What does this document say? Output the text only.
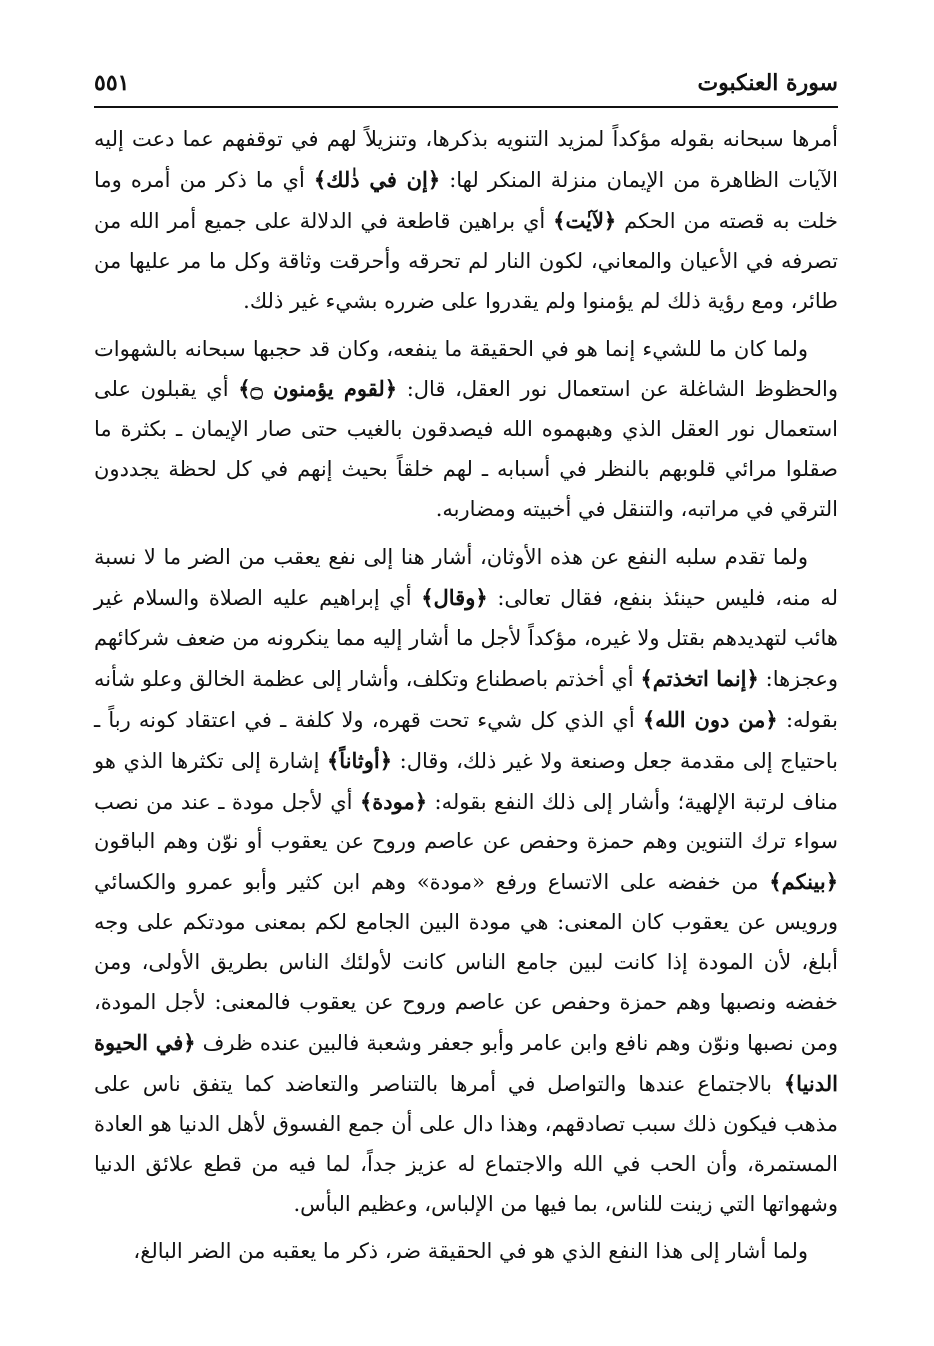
سورة العنكبوت
٥٥١

أمرها سبحانه بقوله مؤكداً لمزيد التنويه بذكرها، وتنزيلاً لهم في توقفهم عما دعت إليه الآيات الظاهرة من الإيمان منزلة المنكر لها: ﴿إن في ذٰلك﴾ أي ما ذكر من أمره وما خلت به قصته من الحكم ﴿لآيٰت﴾ أي براهين قاطعة في الدلالة على جميع أمر الله من تصرفه في الأعيان والمعاني، لكون النار لم تحرقه وأحرقت وثاقة وكل ما مر عليها من طائر، ومع رؤية ذلك لم يؤمنوا ولم يقدروا على ضرره بشيء غير ذلك.

ولما كان ما للشيء إنما هو في الحقيقة ما ينفعه، وكان قد حجبها سبحانه بالشهوات والحظوظ الشاغلة عن استعمال نور العقل، قال: ﴿لقوم يؤمنون ۝﴾ أي يقبلون على استعمال نور العقل الذي وهبهموه الله فيصدقون بالغيب حتى صار الإيمان ـ بكثرة ما صقلوا مرائي قلوبهم بالنظر في أسبابه ـ لهم خلقاً بحيث إنهم في كل لحظة يجددون الترقي في مراتبه، والتنقل في أخبيته ومضاربه.

ولما تقدم سلبه النفع عن هذه الأوثان، أشار هنا إلى نفع يعقب من الضر ما لا نسبة له منه، فليس حينئذ بنفع، فقال تعالى: ﴿وقال﴾ أي إبراهيم عليه الصلاة والسلام غير هائب لتهديدهم بقتل ولا غيره، مؤكداً لأجل ما أشار إليه مما ينكرونه من ضعف شركائهم وعجزها: ﴿إنما اتخذتم﴾ أي أخذتم باصطناع وتكلف، وأشار إلى عظمة الخالق وعلو شأنه بقوله: ﴿من دون الله﴾ أي الذي كل شيء تحت قهره، ولا كلفة ـ في اعتقاد كونه رباً ـ باحتياج إلى مقدمة جعل وصنعة ولا غير ذلك، وقال: ﴿أوثاناً﴾ إشارة إلى تكثرها الذي هو مناف لرتبة الإلهية؛ وأشار إلى ذلك النفع بقوله: ﴿مودة﴾ أي لأجل مودة ـ عند من نصب سواء ترك التنوين وهم حمزة وحفص عن عاصم وروح عن يعقوب أو نوّن وهم الباقون ﴿بينكم﴾ من خفضه على الاتساع ورفع «مودة» وهم ابن كثير وأبو عمرو والكسائي ورويس عن يعقوب كان المعنى: هي مودة البين الجامع لكم بمعنى مودتكم على وجه أبلغ، لأن المودة إذا كانت لبين جامع الناس كانت لأولئك الناس بطريق الأولى، ومن خفضه ونصبها وهم حمزة وحفص عن عاصم وروح عن يعقوب فالمعنى: لأجل المودة، ومن نصبها ونوّن وهم نافع وابن عامر وأبو جعفر وشعبة فالبين عنده ظرف ﴿في الحيوة الدنيا﴾ بالاجتماع عندها والتواصل في أمرها بالتناصر والتعاضد كما يتفق ناس على مذهب فيكون ذلك سبب تصادقهم، وهذا دال على أن جمع الفسوق لأهل الدنيا هو العادة المستمرة، وأن الحب في الله والاجتماع له عزيز جداً، لما فيه من قطع علائق الدنيا وشهواتها التي زينت للناس، بما فيها من الإلباس، وعظيم البأس.

ولما أشار إلى هذا النفع الذي هو في الحقيقة ضر، ذكر ما يعقبه من الضر البالغ،
